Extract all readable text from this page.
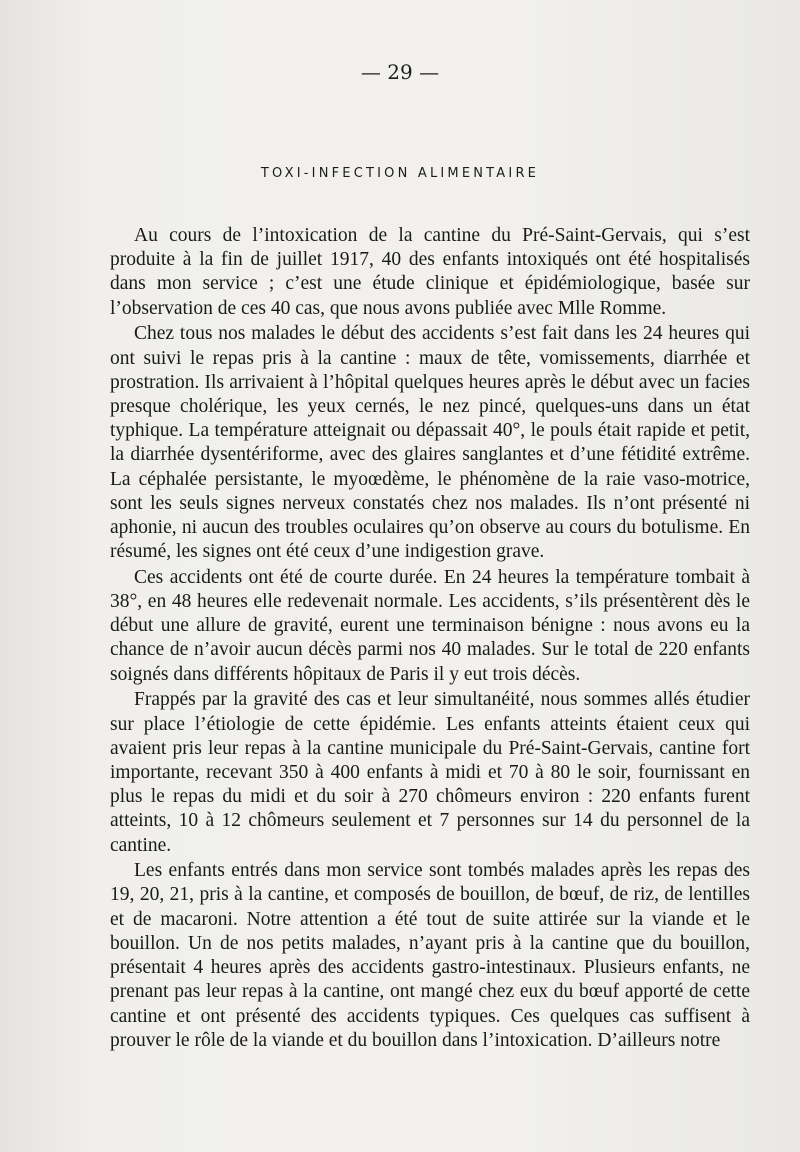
— 29 —
TOXI-INFECTION ALIMENTAIRE

Au cours de l’intoxication de la cantine du Pré-Saint-Gervais, qui s’est produite à la fin de juillet 1917, 40 des enfants intoxiqués ont été hospitalisés dans mon service ; c’est une étude clinique et épidémiologique, basée sur l’observation de ces 40 cas, que nous avons publiée avec Mlle Romme.

Chez tous nos malades le début des accidents s’est fait dans les 24 heures qui ont suivi le repas pris à la cantine : maux de tête, vomissements, diarrhée et prostration. Ils arrivaient à l’hôpital quelques heures après le début avec un facies presque cholérique, les yeux cernés, le nez pincé, quelques-uns dans un état typhique. La température atteignait ou dépassait 40°, le pouls était rapide et petit, la diarrhée dysentériforme, avec des glaires sanglantes et d’une fétidité extrême. La céphalée persistante, le myoœdème, le phénomène de la raie vaso-motrice, sont les seuls signes nerveux constatés chez nos malades. Ils n’ont présenté ni aphonie, ni aucun des troubles oculaires qu’on observe au cours du botulisme. En résumé, les signes ont été ceux d’une indigestion grave.

Ces accidents ont été de courte durée. En 24 heures la température tombait à 38°, en 48 heures elle redevenait normale. Les accidents, s’ils présentèrent dès le début une allure de gravité, eurent une terminaison bénigne : nous avons eu la chance de n’avoir aucun décès parmi nos 40 malades. Sur le total de 220 enfants soignés dans différents hôpitaux de Paris il y eut trois décès.

Frappés par la gravité des cas et leur simultanéité, nous sommes allés étudier sur place l’étiologie de cette épidémie. Les enfants atteints étaient ceux qui avaient pris leur repas à la cantine municipale du Pré-Saint-Gervais, cantine fort importante, recevant 350 à 400 enfants à midi et 70 à 80 le soir, fournissant en plus le repas du midi et du soir à 270 chômeurs environ : 220 enfants furent atteints, 10 à 12 chômeurs seulement et 7 personnes sur 14 du personnel de la cantine.

Les enfants entrés dans mon service sont tombés malades après les repas des 19, 20, 21, pris à la cantine, et composés de bouillon, de bœuf, de riz, de lentilles et de macaroni. Notre attention a été tout de suite attirée sur la viande et le bouillon. Un de nos petits malades, n’ayant pris à la cantine que du bouillon, présentait 4 heures après des accidents gastro-intestinaux. Plusieurs enfants, ne prenant pas leur repas à la cantine, ont mangé chez eux du bœuf apporté de cette cantine et ont présenté des accidents typiques. Ces quelques cas suffisent à prouver le rôle de la viande et du bouillon dans l’intoxication. D’ailleurs notre
